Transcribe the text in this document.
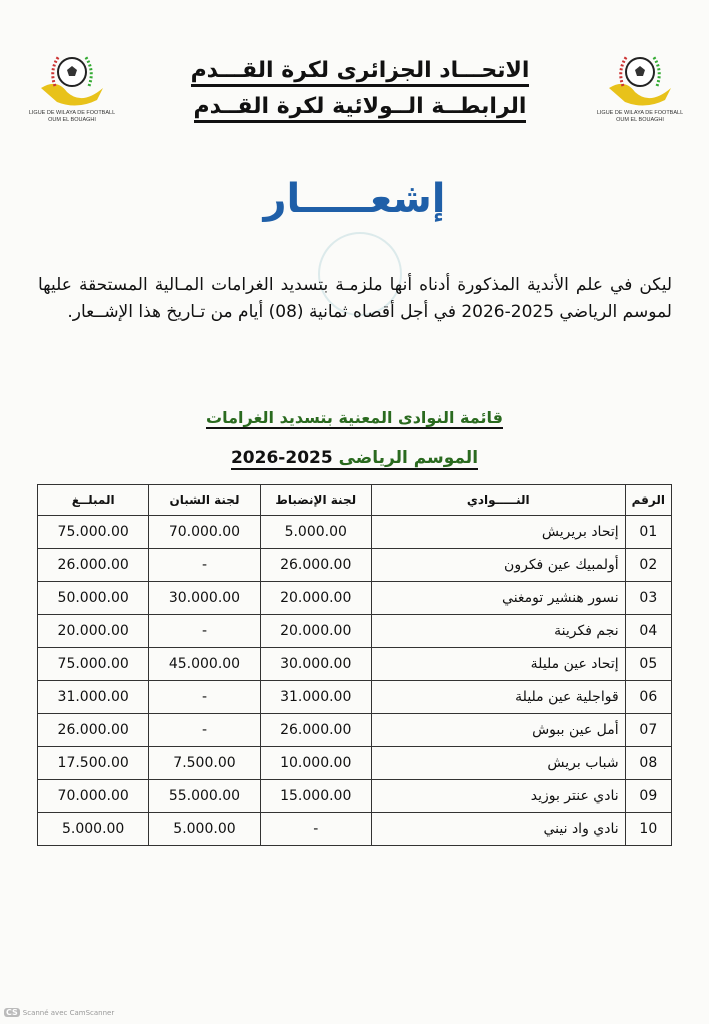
LIGUE DE WILAYA DE FOOTBALL
OUM EL BOUAGHI
LIGUE DE WILAYA DE FOOTBALL
OUM EL BOUAGHI
الاتحـــاد الجزائرى لكرة القـــدم
الرابطــة الــولائية لكرة القــدم
إشعـــــار
ليكن في علم الأندية المذكورة أدناه أنها ملزمـة بتسديد الغرامات المـالية المستحقة عليها لموسم الرياضي 2025-2026 في أجل أقصاه ثمانية (08) أيام من تـاريخ هذا الإشــعار.
قائمة النوادى المعنية بتسديد الغرامات
الموسم الرياضى 2025-2026
الرقم	النـــــوادي	لجنة الإنضباط	لجنة الشبان	المبلــغ
01	إتحاد بريريش	5.000.00	70.000.00	75.000.00
02	أولمبيك عين فكرون	26.000.00	-	26.000.00
03	نسور هنشير تومغني	20.000.00	30.000.00	50.000.00
04	نجم فكرينة	20.000.00	-	20.000.00
05	إتحاد عين مليلة	30.000.00	45.000.00	75.000.00
06	قواجلية عين مليلة	31.000.00	-	31.000.00
07	أمل عين ببوش	26.000.00	-	26.000.00
08	شباب بريش	10.000.00	7.500.00	17.500.00
09	نادي عنتر بوزيد	15.000.00	55.000.00	70.000.00
10	نادي واد نيني	-	5.000.00	5.000.00
CS Scanné avec CamScanner
